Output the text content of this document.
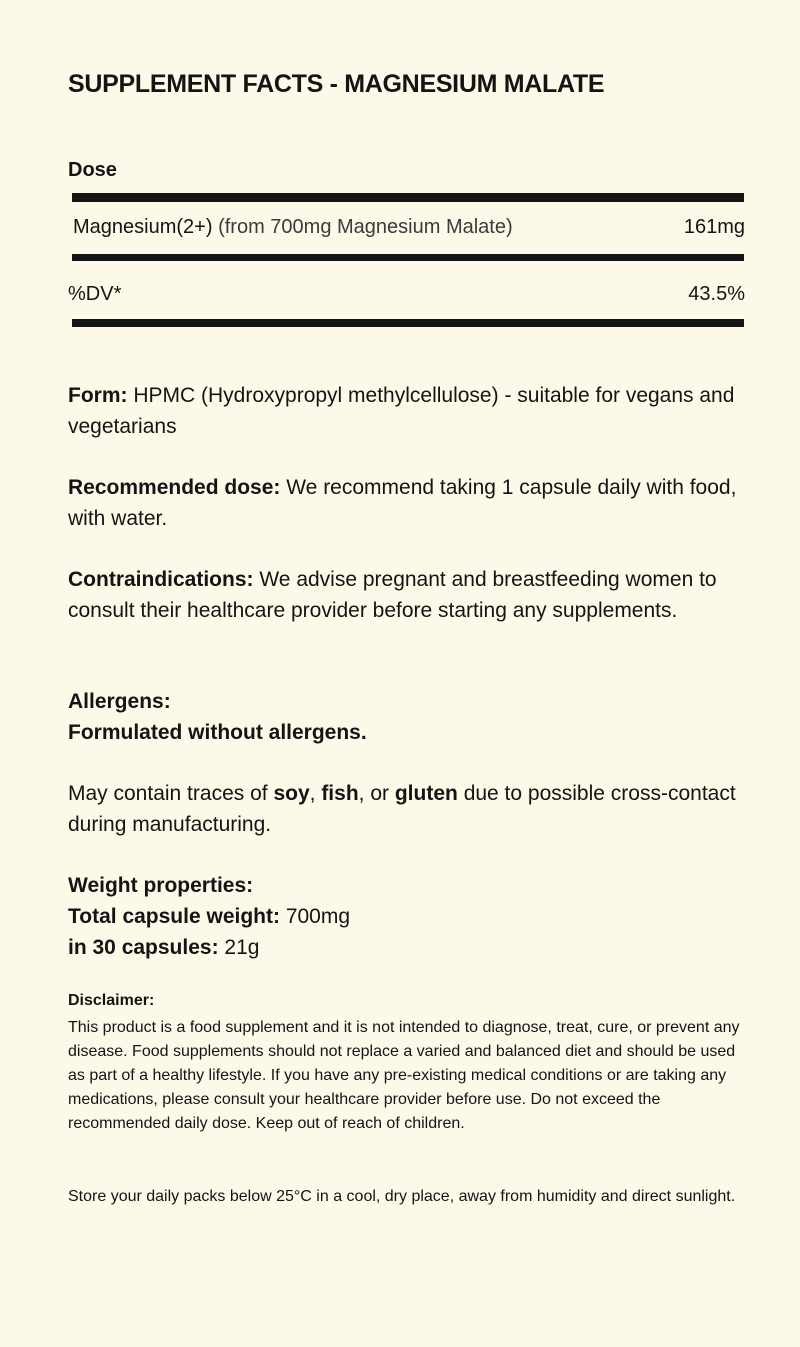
SUPPLEMENT FACTS - MAGNESIUM MALATE
Dose
Magnesium(2+) (from 700mg Magnesium Malate)	161mg
%DV*	43.5%
Form: HPMC (Hydroxypropyl methylcellulose) - suitable for vegans and vegetarians
Recommended dose: We recommend taking 1 capsule daily with food, with water.
Contraindications: We advise pregnant and breastfeeding women to consult their healthcare provider before starting any supplements.
Allergens:
Formulated without allergens.
May contain traces of soy, fish, or gluten due to possible cross-contact during manufacturing.
Weight properties:
Total capsule weight: 700mg
in 30 capsules: 21g
Disclaimer:
This product is a food supplement and it is not intended to diagnose, treat, cure, or prevent any disease. Food supplements should not replace a varied and balanced diet and should be used as part of a healthy lifestyle. If you have any pre-existing medical conditions or are taking any medications, please consult your healthcare provider before use. Do not exceed the recommended daily dose. Keep out of reach of children.
Store your daily packs below 25°C in a cool, dry place, away from humidity and direct sunlight.
